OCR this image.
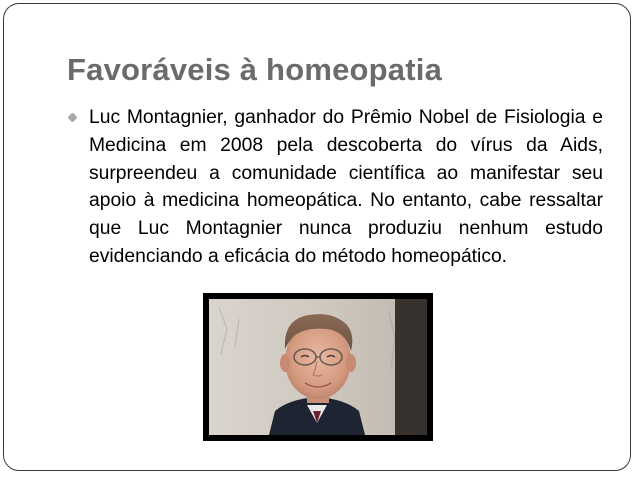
Favoráveis à homeopatia

Luc Montagnier, ganhador do Prêmio Nobel de Fisiologia e Medicina em 2008 pela descoberta do vírus da Aids, surpreendeu a comunidade científica ao manifestar seu apoio à medicina homeopática. No entanto, cabe ressaltar que Luc Montagnier nunca produziu nenhum estudo evidenciando a eficácia do método homeopático.
